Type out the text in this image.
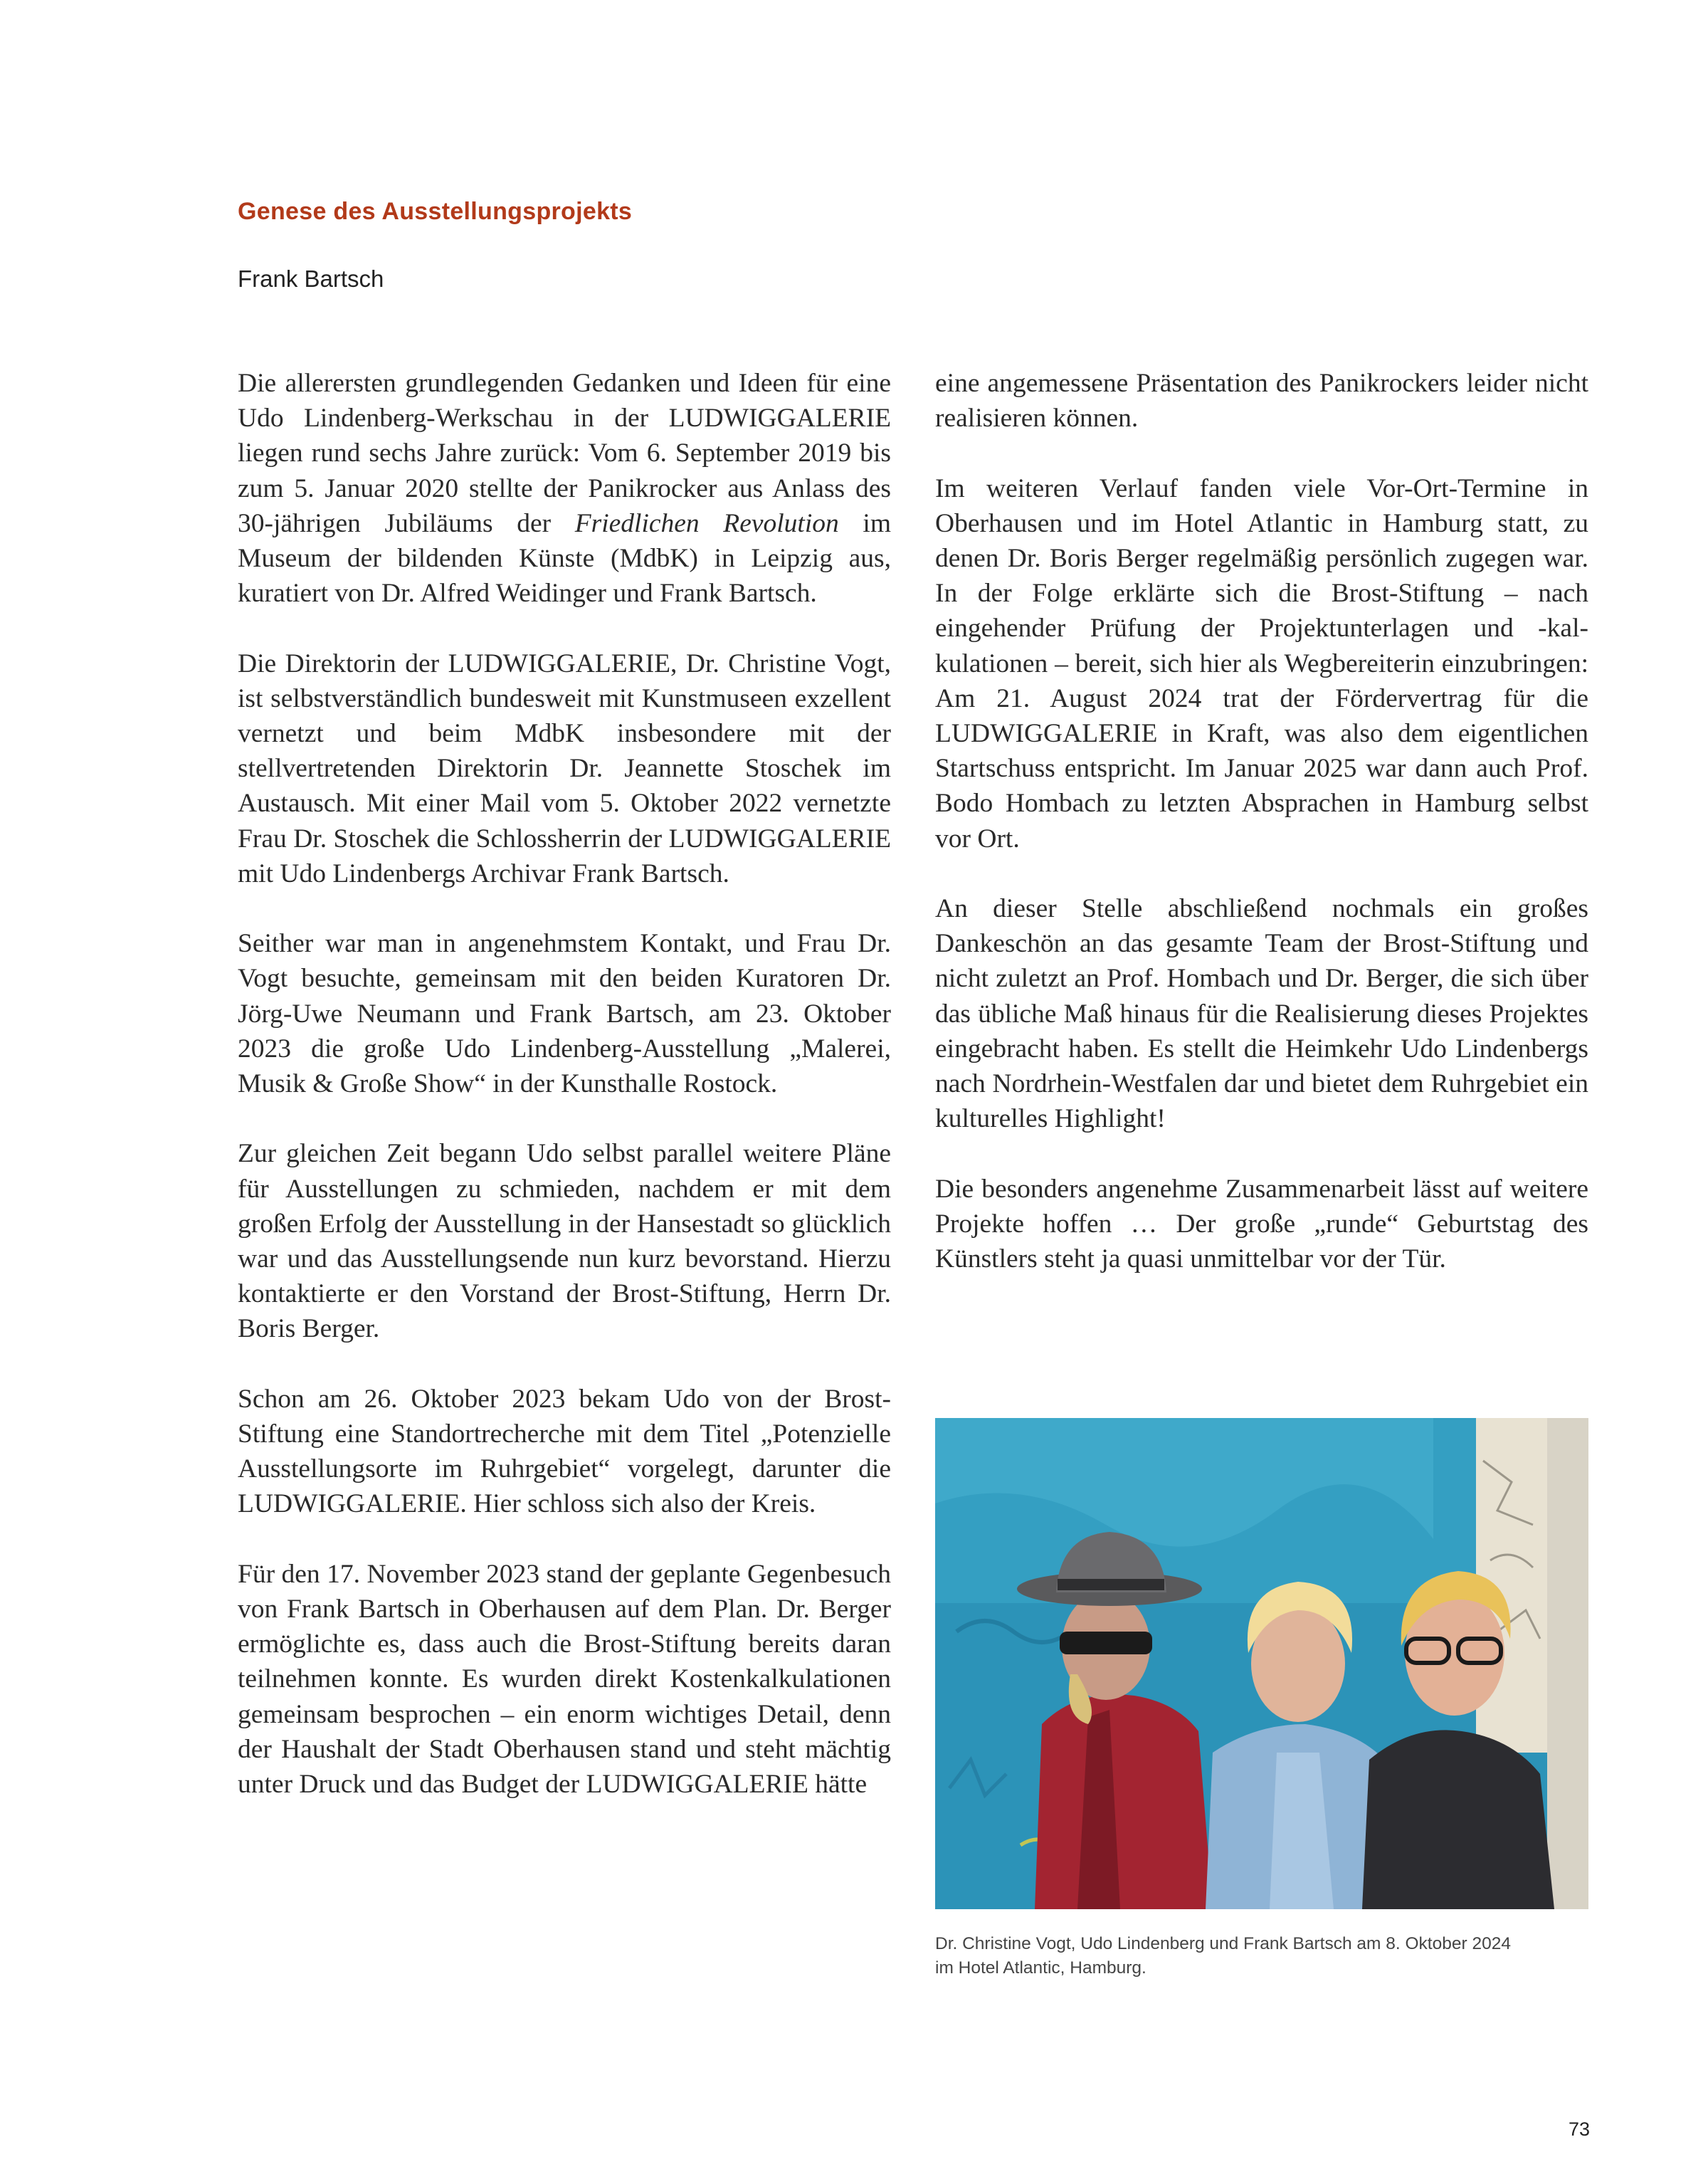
Genese des Ausstellungsprojekts
Frank Bartsch

Die allerersten grundlegenden Gedanken und Ideen für eine Udo Lindenberg-Werkschau in der LUDWIGGALERIE liegen rund sechs Jahre zurück: Vom 6. September 2019 bis zum 5. Januar 2020 stellte der Panikrocker aus Anlass des 30-jährigen Jubiläums der Friedlichen Revolution im Museum der bildenden Künste (MdbK) in Leipzig aus, kuratiert von Dr. Alfred Weidinger und Frank Bartsch.

Die Direktorin der LUDWIGGALERIE, Dr. Christine Vogt, ist selbstverständlich bundesweit mit Kunstmuseen exzellent vernetzt und beim MdbK insbesondere mit der stellvertretenden Direktorin Dr. Jeannette Stoschek im Austausch. Mit einer Mail vom 5. Oktober 2022 vernetzte Frau Dr. Stoschek die Schlossherrin der LUDWIGGALERIE mit Udo Lindenbergs Archivar Frank Bartsch.

Seither war man in angenehmstem Kontakt, und Frau Dr. Vogt besuchte, gemeinsam mit den beiden Kuratoren Dr. Jörg-Uwe Neumann und Frank Bartsch, am 23. Oktober 2023 die große Udo Lindenberg-Ausstellung „Malerei, Musik & Große Show“ in der Kunsthalle Rostock.

Zur gleichen Zeit begann Udo selbst parallel weitere Pläne für Ausstellungen zu schmieden, nachdem er mit dem großen Erfolg der Ausstellung in der Hansestadt so glücklich war und das Ausstellungsende nun kurz bevorstand. Hierzu kontaktierte er den Vorstand der Brost-Stiftung, Herrn Dr. Boris Berger.

Schon am 26. Oktober 2023 bekam Udo von der Brost-Stiftung eine Standortrecherche mit dem Titel „Potenzielle Ausstellungsorte im Ruhrgebiet“ vorgelegt, darunter die LUDWIGGALERIE. Hier schloss sich also der Kreis.

Für den 17. November 2023 stand der geplante Gegenbesuch von Frank Bartsch in Oberhausen auf dem Plan. Dr. Berger ermöglichte es, dass auch die Brost-Stiftung bereits daran teilnehmen konnte. Es wurden direkt Kostenkalkulationen gemeinsam besprochen – ein enorm wichtiges Detail, denn der Haushalt der Stadt Oberhausen stand und steht mächtig unter Druck und das Budget der LUDWIGGALERIE hätte

eine angemessene Präsentation des Panikrockers leider nicht realisieren können.

Im weiteren Verlauf fanden viele Vor-Ort-Termine in Oberhausen und im Hotel Atlantic in Hamburg statt, zu denen Dr. Boris Berger regelmäßig persönlich zugegen war. In der Folge erklärte sich die Brost-Stiftung – nach eingehender Prüfung der Projektunterlagen und -kalkulationen – bereit, sich hier als Wegbereiterin einzubringen: Am 21. August 2024 trat der Fördervertrag für die LUDWIGGALERIE in Kraft, was also dem eigentlichen Startschuss entspricht. Im Januar 2025 war dann auch Prof. Bodo Hombach zu letzten Absprachen in Hamburg selbst vor Ort.

An dieser Stelle abschließend nochmals ein großes Dankeschön an das gesamte Team der Brost-Stiftung und nicht zuletzt an Prof. Hombach und Dr. Berger, die sich über das übliche Maß hinaus für die Realisierung dieses Projektes eingebracht haben. Es stellt die Heimkehr Udo Lindenbergs nach Nordrhein-Westfalen dar und bietet dem Ruhrgebiet ein kulturelles Highlight!

Die besonders angenehme Zusammenarbeit lässt auf weitere Projekte hoffen … Der große „runde“ Geburtstag des Künstlers steht ja quasi unmittelbar vor der Tür.

Dr. Christine Vogt, Udo Lindenberg und Frank Bartsch am 8. Oktober 2024
im Hotel Atlantic, Hamburg.
73
